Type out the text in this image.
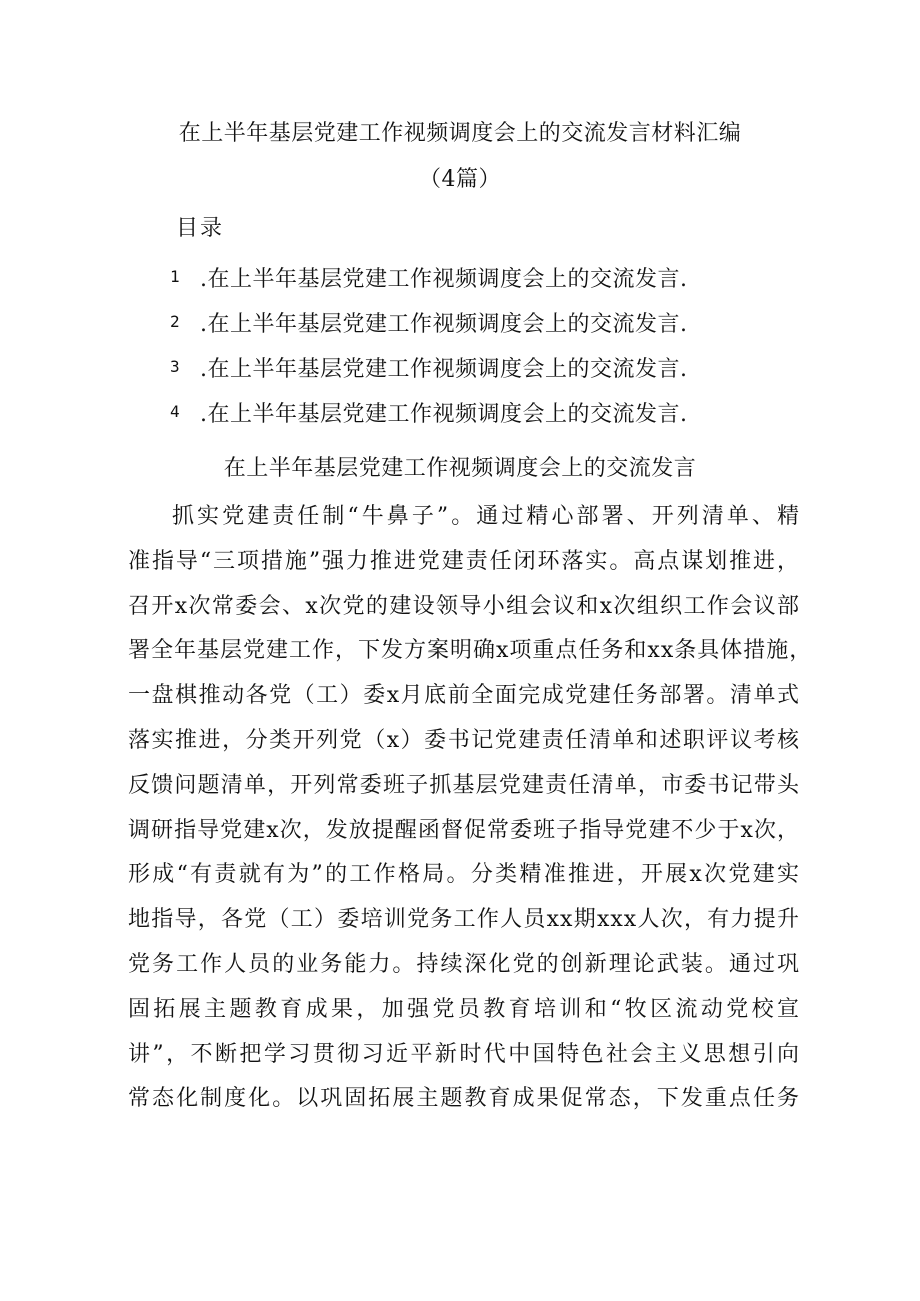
在上半年基层党建工作视频调度会上的交流发言材料汇编
（4篇）
目录
1 .在上半年基层党建工作视频调度会上的交流发言.
2 .在上半年基层党建工作视频调度会上的交流发言.
3 .在上半年基层党建工作视频调度会上的交流发言.
4 .在上半年基层党建工作视频调度会上的交流发言.
在上半年基层党建工作视频调度会上的交流发言
抓实党建责任制“牛鼻子”。通过精心部署、开列清单、精
准指导“三项措施”强力推进党建责任闭环落实。高点谋划推进，
召开x次常委会、x次党的建设领导小组会议和x次组织工作会议部
署全年基层党建工作，下发方案明确x项重点任务和xx条具体措施，
一盘棋推动各党（工）委x月底前全面完成党建任务部署。清单式
落实推进，分类开列党（x）委书记党建责任清单和述职评议考核
反馈问题清单，开列常委班子抓基层党建责任清单，市委书记带头
调研指导党建x次，发放提醒函督促常委班子指导党建不少于x次，
形成“有责就有为”的工作格局。分类精准推进，开展x次党建实
地指导，各党（工）委培训党务工作人员xx期xxx人次，有力提升
党务工作人员的业务能力。持续深化党的创新理论武装。通过巩
固拓展主题教育成果，加强党员教育培训和“牧区流动党校宣
讲”，不断把学习贯彻习近平新时代中国特色社会主义思想引向
常态化制度化。以巩固拓展主题教育成果促常态，下发重点任务
